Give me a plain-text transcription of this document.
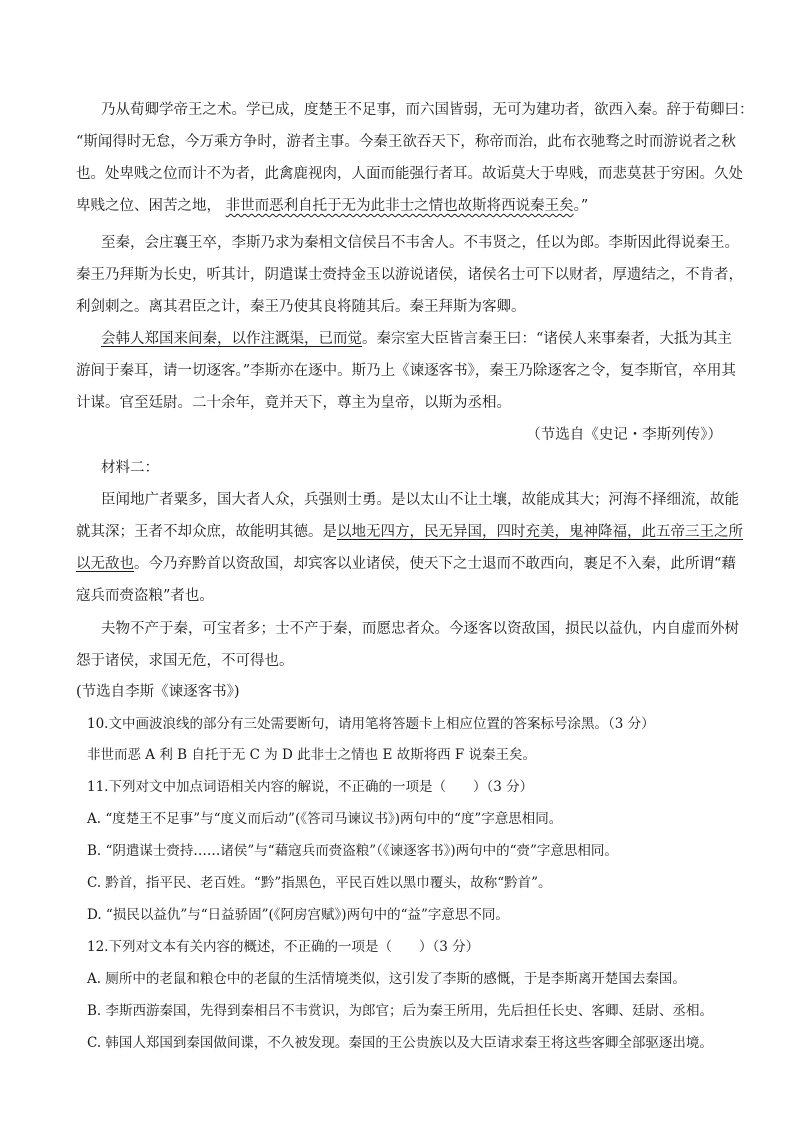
乃从荀卿学帝王之术。学已成，度楚王不足事，而六国皆弱，无可为建功者，欲西入秦。辞于荀卿曰：
“斯闻得时无怠，今万乘方争时，游者主事。今秦王欲吞天下，称帝而治，此布衣驰骛之时而游说者之秋
也。处卑贱之位而计不为者，此禽鹿视肉，人面而能强行者耳。故诟莫大于卑贱，而悲莫甚于穷困。久处
卑贱之位、困苦之地， 非世而恶利自托于无为此非士之情也故斯将西说秦王矣。”
至秦，会庄襄王卒，李斯乃求为秦相文信侯吕不韦舍人。不韦贤之，任以为郎。李斯因此得说秦王。
秦王乃拜斯为长史，听其计，阴遣谋士赍持金玉以游说诸侯，诸侯名士可下以财者，厚遗结之，不肯者，
利剑刺之。离其君臣之计，秦王乃使其良将随其后。秦王拜斯为客卿。
会韩人郑国来间秦，以作注溉渠，已而觉。秦宗室大臣皆言秦王曰：“诸侯人来事秦者，大抵为其主
游间于秦耳，请一切逐客。”李斯亦在逐中。斯乃上《谏逐客书》，秦王乃除逐客之令，复李斯官，卒用其
计谋。官至廷尉。二十余年，竟并天下，尊主为皇帝，以斯为丞相。
（节选自《史记・李斯列传》）
材料二：
臣闻地广者粟多，国大者人众，兵强则士勇。是以太山不让土壤，故能成其大；河海不择细流，故能
就其深；王者不却众庶，故能明其德。是以地无四方，民无异国，四时充美，鬼神降福，此五帝三王之所
以无敌也。今乃弃黔首以资敌国，却宾客以业诸侯，使天下之士退而不敢西向，裹足不入秦，此所谓“藉
寇兵而赍盗粮”者也。
夫物不产于秦，可宝者多；士不产于秦，而愿忠者众。今逐客以资敌国，损民以益仇，内自虚而外树
怨于诸侯，求国无危，不可得也。
(节选自李斯《谏逐客书》)
10.文中画波浪线的部分有三处需要断句，请用笔将答题卡上相应位置的答案标号涂黑。（3 分）
非世而恶 A 利 B 自托于无 C 为 D 此非士之情也 E 故斯将西 F 说秦王矣。
11.下列对文中加点词语相关内容的解说，不正确的一项是（　　）（3 分）
A. “度楚王不足事”与“度义而后动”(《答司马谏议书》)两句中的“度”字意思相同。
B. “阴遣谋士赍持……诸侯”与“藉寇兵而赍盗粮”（《谏逐客书》)两句中的“赍”字意思相同。
C. 黔首，指平民、老百姓。“黔”指黑色，平民百姓以黑巾覆头，故称“黔首”。
D. “损民以益仇”与“日益骄固”(《阿房宫赋》)两句中的“益”字意思不同。
12.下列对文本有关内容的概述，不正确的一项是（　　）（3 分）
A. 厕所中的老鼠和粮仓中的老鼠的生活情境类似，这引发了李斯的感慨，于是李斯离开楚国去秦国。
B. 李斯西游秦国，先得到秦相吕不韦赏识，为郎官；后为秦王所用，先后担任长史、客卿、廷尉、丞相。
C. 韩国人郑国到秦国做间谍，不久被发现。秦国的王公贵族以及大臣请求秦王将这些客卿全部驱逐出境。
